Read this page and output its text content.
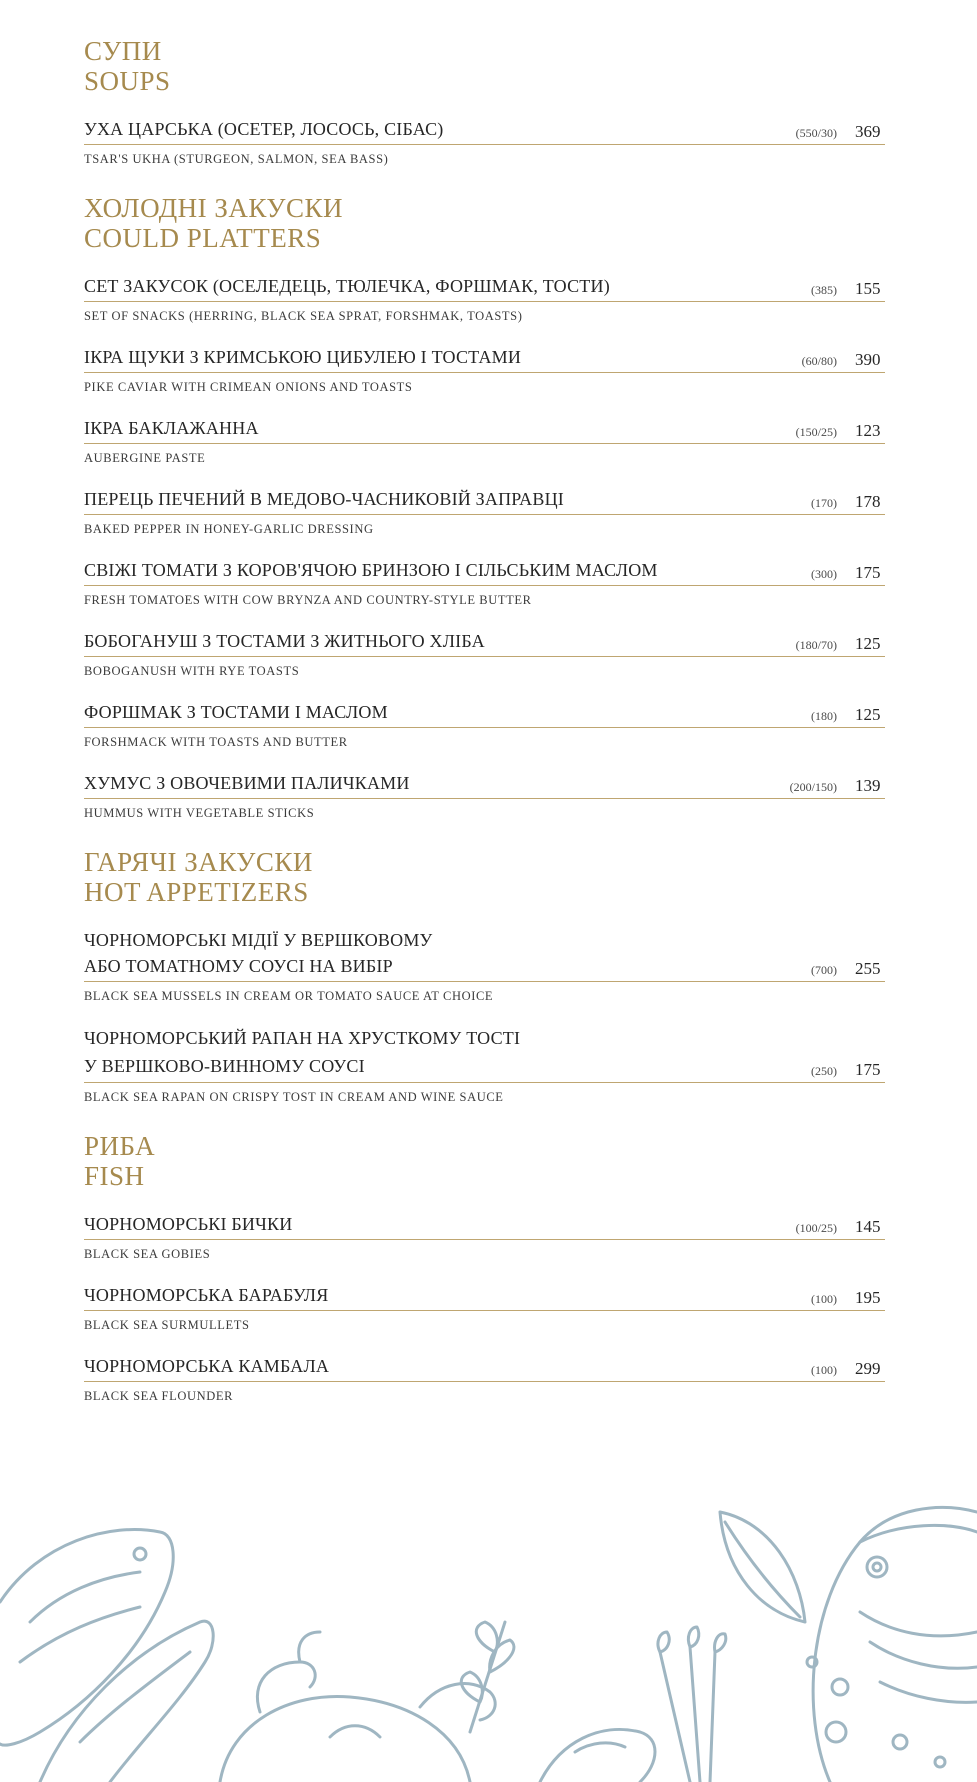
СУПИ
SOUPS
УХА ЦАРСЬКА (ОСЕТЕР, ЛОСОСЬ, СІБАС)	(550/30) 369
TSAR'S UKHA (STURGEON, SALMON, SEA BASS)
ХОЛОДНІ ЗАКУСКИ
COULD PLATTERS
СЕТ ЗАКУСОК (ОСЕЛЕДЕЦЬ, ТЮЛЕЧКА, ФОРШМАК, ТОСТИ)	(385) 155
SET OF SNACKS (HERRING, BLACK SEA SPRAT, FORSHMAK, TOASTS)
ІКРА ЩУКИ З КРИМСЬКОЮ ЦИБУЛЕЮ І ТОСТАМИ	(60/80) 390
PIKE CAVIAR WITH CRIMEAN ONIONS AND TOASTS
ІКРА БАКЛАЖАННА	(150/25) 123
AUBERGINE PASTE
ПЕРЕЦЬ ПЕЧЕНИЙ В МЕДОВО-ЧАСНИКОВІЙ ЗАПРАВЦІ	(170) 178
BAKED PEPPER IN HONEY-GARLIC DRESSING
СВІЖІ ТОМАТИ З КОРОВ'ЯЧОЮ БРИНЗОЮ І СІЛЬСЬКИМ МАСЛОМ	(300) 175
FRESH TOMATOES WITH COW BRYNZA AND COUNTRY-STYLE BUTTER
БОБОГАНУШ З ТОСТАМИ З ЖИТНЬОГО ХЛІБА	(180/70) 125
BOBOGANUSH WITH RYE TOASTS
ФОРШМАК З ТОСТАМИ І МАСЛОМ	(180) 125
FORSHMACK WITH TOASTS AND BUTTER
ХУМУС З ОВОЧЕВИМИ ПАЛИЧКАМИ	(200/150) 139
HUMMUS WITH VEGETABLE STICKS
ГАРЯЧІ ЗАКУСКИ
HOT APPETIZERS
ЧОРНОМОРСЬКІ МІДІЇ У ВЕРШКОВОМУ
АБО ТОМАТНОМУ СОУСІ НА ВИБІР	(700) 255
BLACK SEA MUSSELS IN CREAM OR TOMATO SAUCE AT CHOICE
ЧОРНОМОРСЬКИЙ РАПАН НА ХРУСТКОМУ ТОСТІ
У ВЕРШКОВО-ВИННОМУ СОУСІ	(250) 175
BLACK SEA RAPAN ON CRISPY TOST IN CREAM AND WINE SAUCE
РИБА
FISH
ЧОРНОМОРСЬКІ БИЧКИ	(100/25) 145
BLACK SEA GOBIES
ЧОРНОМОРСЬКА БАРАБУЛЯ	(100) 195
BLACK SEA SURMULLETS
ЧОРНОМОРСЬКА КАМБАЛА	(100) 299
BLACK SEA FLOUNDER
